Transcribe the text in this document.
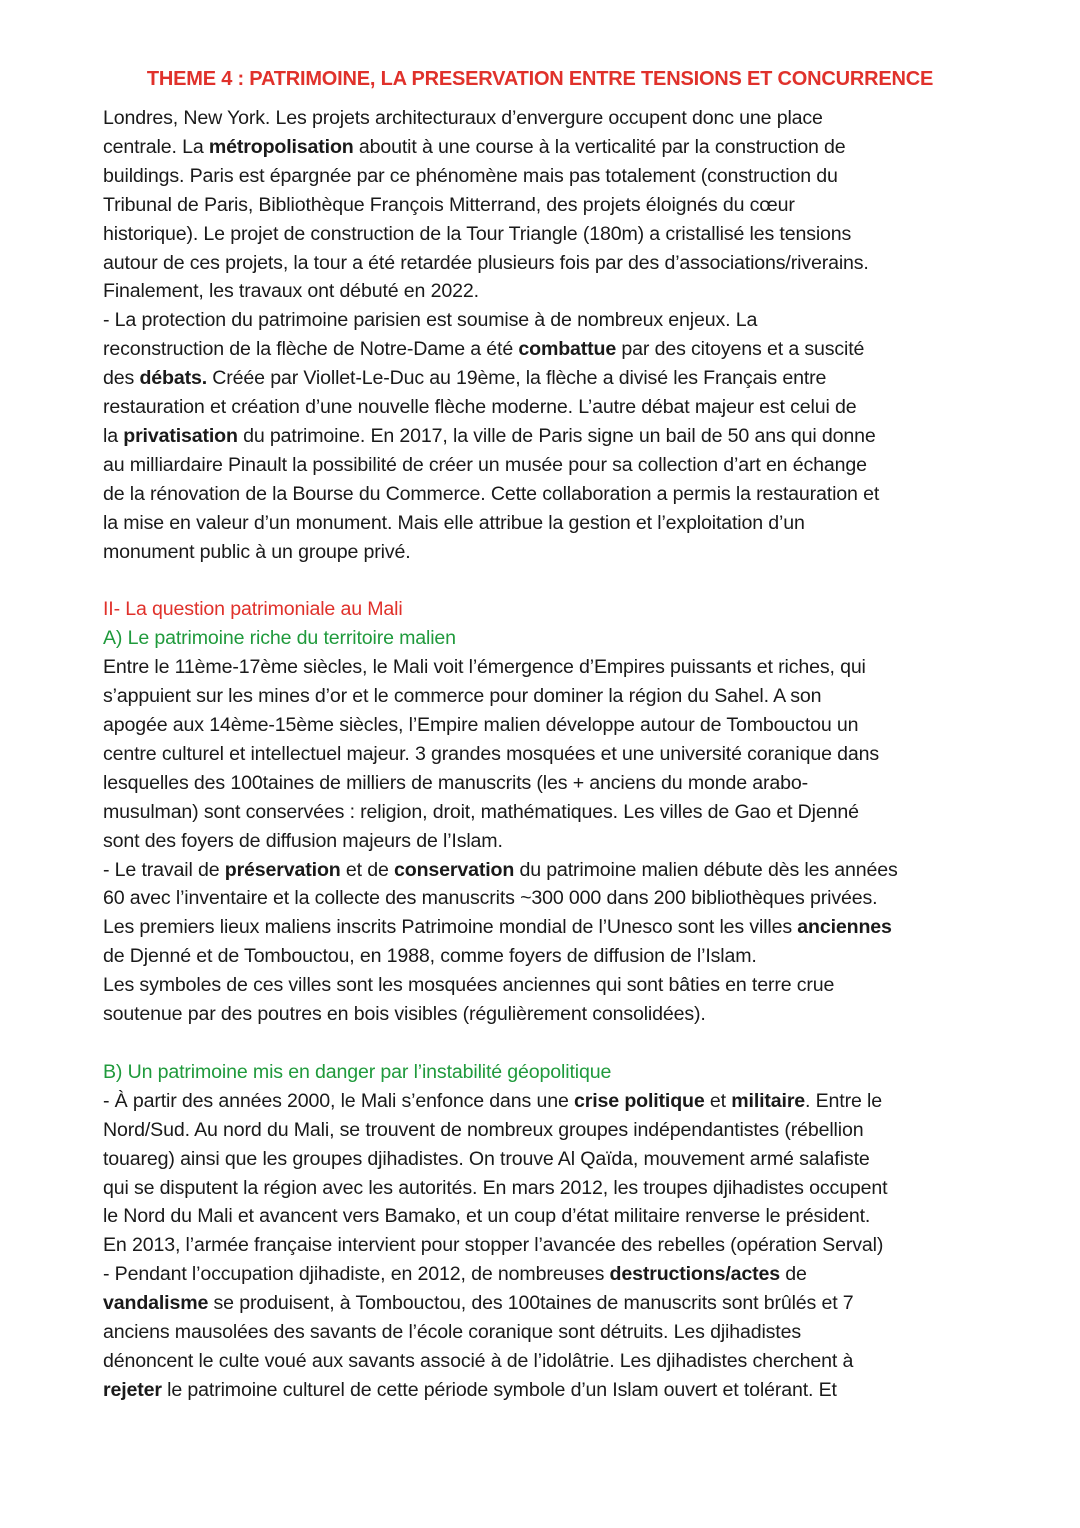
THEME 4 : PATRIMOINE, LA PRESERVATION ENTRE TENSIONS ET CONCURRENCE
Londres, New York. Les projets architecturaux d’envergure occupent donc une place
centrale. La métropolisation aboutit à une course à la verticalité par la construction de
buildings. Paris est épargnée par ce phénomène mais pas totalement (construction du
Tribunal de Paris, Bibliothèque François Mitterrand, des projets éloignés du cœur
historique). Le projet de construction de la Tour Triangle (180m) a cristallisé les tensions
autour de ces projets, la tour a été retardée plusieurs fois par des d’associations/riverains.
Finalement, les travaux ont débuté en 2022.
- La protection du patrimoine parisien est soumise à de nombreux enjeux. La
reconstruction de la flèche de Notre-Dame a été combattue par des citoyens et a suscité
des débats. Créée par Viollet-Le-Duc au 19ème, la flèche a divisé les Français entre
restauration et création d’une nouvelle flèche moderne. L’autre débat majeur est celui de
la privatisation du patrimoine. En 2017, la ville de Paris signe un bail de 50 ans qui donne
au milliardaire Pinault la possibilité de créer un musée pour sa collection d’art en échange
de la rénovation de la Bourse du Commerce. Cette collaboration a permis la restauration et
la mise en valeur d’un monument. Mais elle attribue la gestion et l’exploitation d’un
monument public à un groupe privé.
II- La question patrimoniale au Mali
A) Le patrimoine riche du territoire malien
Entre le 11ème-17ème siècles, le Mali voit l’émergence d’Empires puissants et riches, qui
s’appuient sur les mines d’or et le commerce pour dominer la région du Sahel. A son
apogée aux 14ème-15ème siècles, l’Empire malien développe autour de Tombouctou un
centre culturel et intellectuel majeur. 3 grandes mosquées et une université coranique dans
lesquelles des 100taines de milliers de manuscrits (les + anciens du monde arabo-
musulman) sont conservées : religion, droit, mathématiques. Les villes de Gao et Djenné
sont des foyers de diffusion majeurs de l’Islam.
- Le travail de préservation et de conservation du patrimoine malien débute dès les années
60 avec l’inventaire et la collecte des manuscrits ~300 000 dans 200 bibliothèques privées.
Les premiers lieux maliens inscrits Patrimoine mondial de l’Unesco sont les villes anciennes
de Djenné et de Tombouctou, en 1988, comme foyers de diffusion de l’Islam.
Les symboles de ces villes sont les mosquées anciennes qui sont bâties en terre crue
soutenue par des poutres en bois visibles (régulièrement consolidées).
B) Un patrimoine mis en danger par l’instabilité géopolitique
- À partir des années 2000, le Mali s’enfonce dans une crise politique et militaire. Entre le
Nord/Sud. Au nord du Mali, se trouvent de nombreux groupes indépendantistes (rébellion
touareg) ainsi que les groupes djihadistes. On trouve Al Qaïda, mouvement armé salafiste
qui se disputent la région avec les autorités. En mars 2012, les troupes djihadistes occupent
le Nord du Mali et avancent vers Bamako, et un coup d’état militaire renverse le président.
En 2013, l’armée française intervient pour stopper l’avancée des rebelles (opération Serval)
- Pendant l’occupation djihadiste, en 2012, de nombreuses destructions/actes de
vandalisme se produisent, à Tombouctou, des 100taines de manuscrits sont brûlés et 7
anciens mausolées des savants de l’école coranique sont détruits. Les djihadistes
dénoncent le culte voué aux savants associé à de l’idolâtrie. Les djihadistes cherchent à
rejeter le patrimoine culturel de cette période symbole d’un Islam ouvert et tolérant. Et
